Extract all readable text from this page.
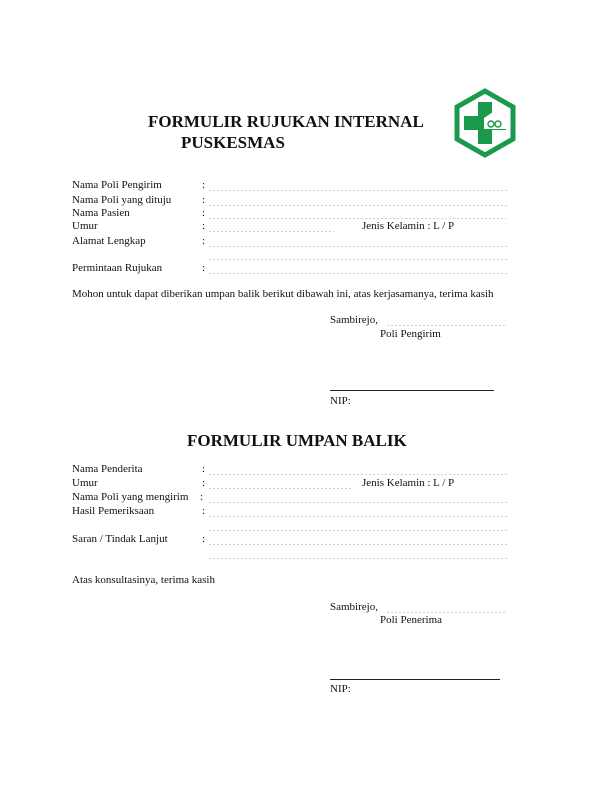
FORMULIR RUJUKAN INTERNAL
PUSKESMAS
Nama Poli Pengirim	:
Nama Poli yang dituju	:
Nama Pasien	:
Umur	:	Jenis Kelamin : L / P
Alamat Lengkap	:
Permintaan Rujukan	:
Mohon untuk dapat diberikan umpan balik berikut dibawah ini, atas kerjasamanya, terima kasih
Sambirejo,
Poli Pengirim
NIP:
FORMULIR UMPAN BALIK
Nama Penderita	:
Umur	:	Jenis Kelamin : L / P
Nama Poli yang mengirim :
Hasil Pemeriksaan	:
Saran / Tindak Lanjut	:
Atas konsultasinya, terima kasih
Sambirejo,
Poli Penerima
NIP:
